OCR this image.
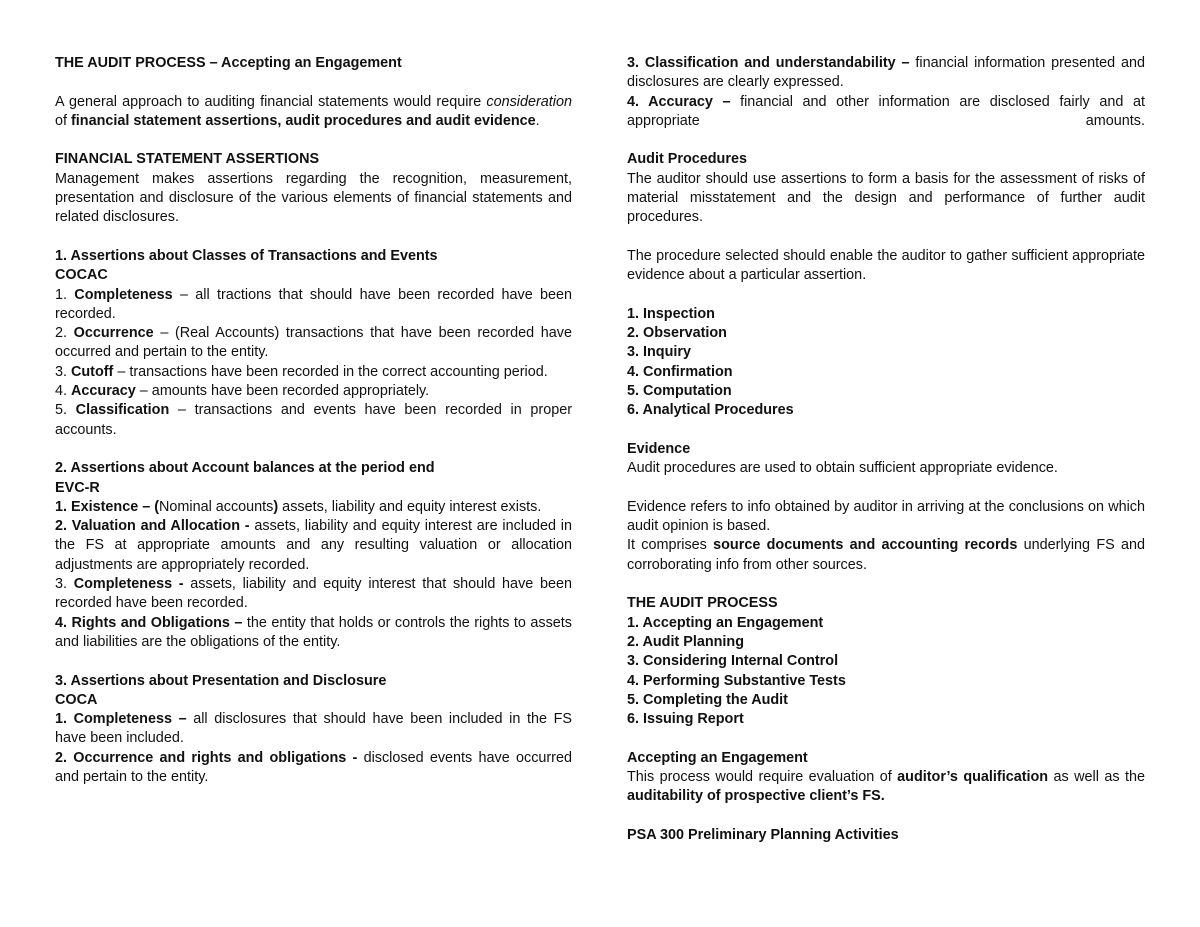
THE AUDIT PROCESS – Accepting an Engagement

A general approach to auditing financial statements would require consideration of financial statement assertions, audit procedures and audit evidence.

FINANCIAL STATEMENT ASSERTIONS

Management makes assertions regarding the recognition, measurement, presentation and disclosure of the various elements of financial statements and related disclosures.

1. Assertions about Classes of Transactions and Events

COCAC

1. Completeness – all tractions that should have been recorded have been recorded.

2. Occurrence – (Real Accounts) transactions that have been recorded have occurred and pertain to the entity.

3. Cutoff – transactions have been recorded in the correct accounting period.

4. Accuracy – amounts have been recorded appropriately.

5. Classification – transactions and events have been recorded in proper accounts.

2. Assertions about Account balances at the period end

EVC-R

1. Existence – (Nominal accounts) assets, liability and equity interest exists.

2. Valuation and Allocation - assets, liability and equity interest are included in the FS at appropriate amounts and any resulting valuation or allocation adjustments are appropriately recorded.

3. Completeness - assets, liability and equity interest that should have been recorded have been recorded.

4. Rights and Obligations – the entity that holds or controls the rights to assets and liabilities are the obligations of the entity.

3. Assertions about Presentation and Disclosure

COCA

1. Completeness – all disclosures that should have been included in the FS have been included.

2. Occurrence and rights and obligations - disclosed events have occurred and pertain to the entity.

3. Classification and understandability – financial information presented and disclosures are clearly expressed.

4. Accuracy – financial and other information are disclosed fairly and at appropriate amounts.

Audit Procedures

The auditor should use assertions to form a basis for the assessment of risks of material misstatement and the design and performance of further audit procedures.

The procedure selected should enable the auditor to gather sufficient appropriate evidence about a particular assertion.

1. Inspection

2. Observation

3. Inquiry

4. Confirmation

5. Computation

6. Analytical Procedures

Evidence

Audit procedures are used to obtain sufficient appropriate evidence.

Evidence refers to info obtained by auditor in arriving at the conclusions on which audit opinion is based.

It comprises source documents and accounting records underlying FS and corroborating info from other sources.

THE AUDIT PROCESS

1. Accepting an Engagement

2. Audit Planning

3. Considering Internal Control

4. Performing Substantive Tests

5. Completing the Audit

6. Issuing Report

Accepting an Engagement

This process would require evaluation of auditor’s qualification as well as the auditability of prospective client’s FS.

PSA 300 Preliminary Planning Activities
